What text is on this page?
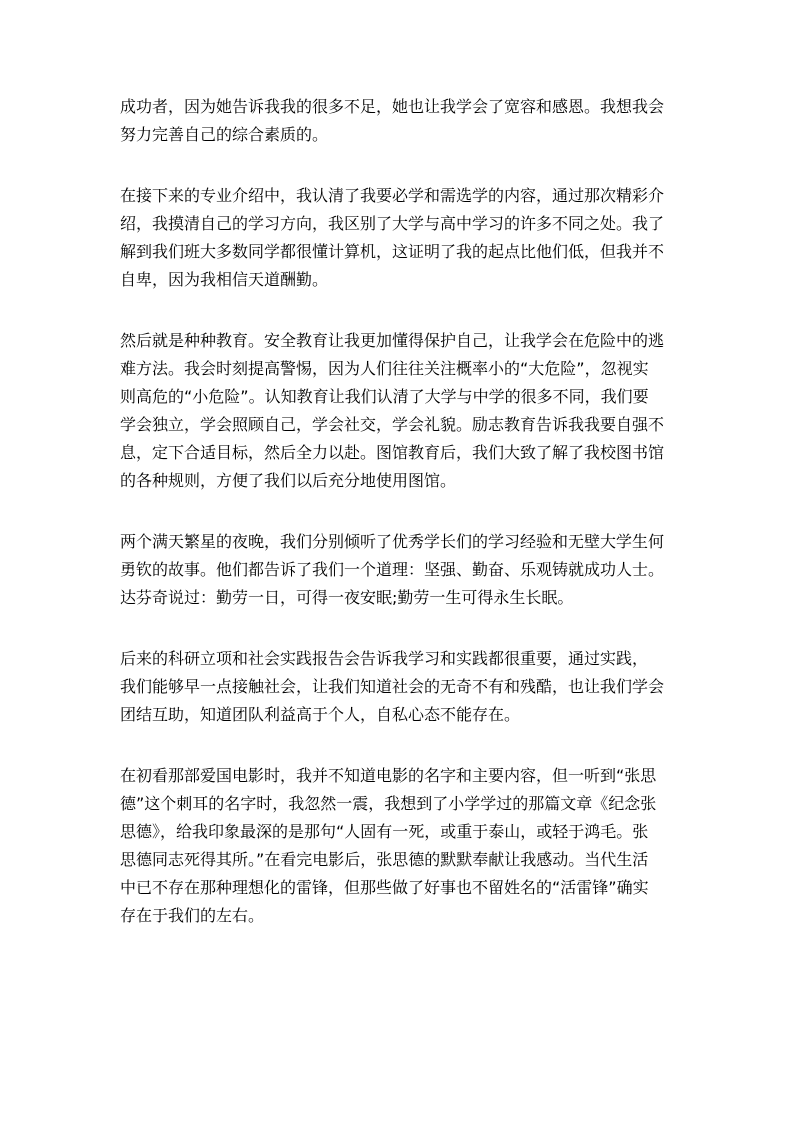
成功者，因为她告诉我我的很多不足，她也让我学会了宽容和感恩。我想我会
努力完善自己的综合素质的。
在接下来的专业介绍中，我认清了我要必学和需选学的内容，通过那次精彩介
绍，我摸清自己的学习方向，我区别了大学与高中学习的许多不同之处。我了
解到我们班大多数同学都很懂计算机，这证明了我的起点比他们低，但我并不
自卑，因为我相信天道酬勤。
然后就是种种教育。安全教育让我更加懂得保护自己，让我学会在危险中的逃
难方法。我会时刻提高警惕，因为人们往往关注概率小的“大危险”，忽视实
则高危的“小危险”。认知教育让我们认清了大学与中学的很多不同，我们要
学会独立，学会照顾自己，学会社交，学会礼貌。励志教育告诉我我要自强不
息，定下合适目标，然后全力以赴。图馆教育后，我们大致了解了我校图书馆
的各种规则，方便了我们以后充分地使用图馆。
两个满天繁星的夜晚，我们分别倾听了优秀学长们的学习经验和无壁大学生何
勇钦的故事。他们都告诉了我们一个道理：坚强、勤奋、乐观铸就成功人士。
达芬奇说过：勤劳一日，可得一夜安眠;勤劳一生可得永生长眠。
后来的科研立项和社会实践报告会告诉我学习和实践都很重要，通过实践，
我们能够早一点接触社会，让我们知道社会的无奇不有和残酷，也让我们学会
团结互助，知道团队利益高于个人，自私心态不能存在。
在初看那部爱国电影时，我并不知道电影的名字和主要内容，但一听到“张思
德”这个刺耳的名字时，我忽然一震，我想到了小学学过的那篇文章《纪念张
思德》，给我印象最深的是那句“人固有一死，或重于泰山，或轻于鸿毛。张
思德同志死得其所。”在看完电影后，张思德的默默奉献让我感动。当代生活
中已不存在那种理想化的雷锋，但那些做了好事也不留姓名的“活雷锋”确实
存在于我们的左右。
